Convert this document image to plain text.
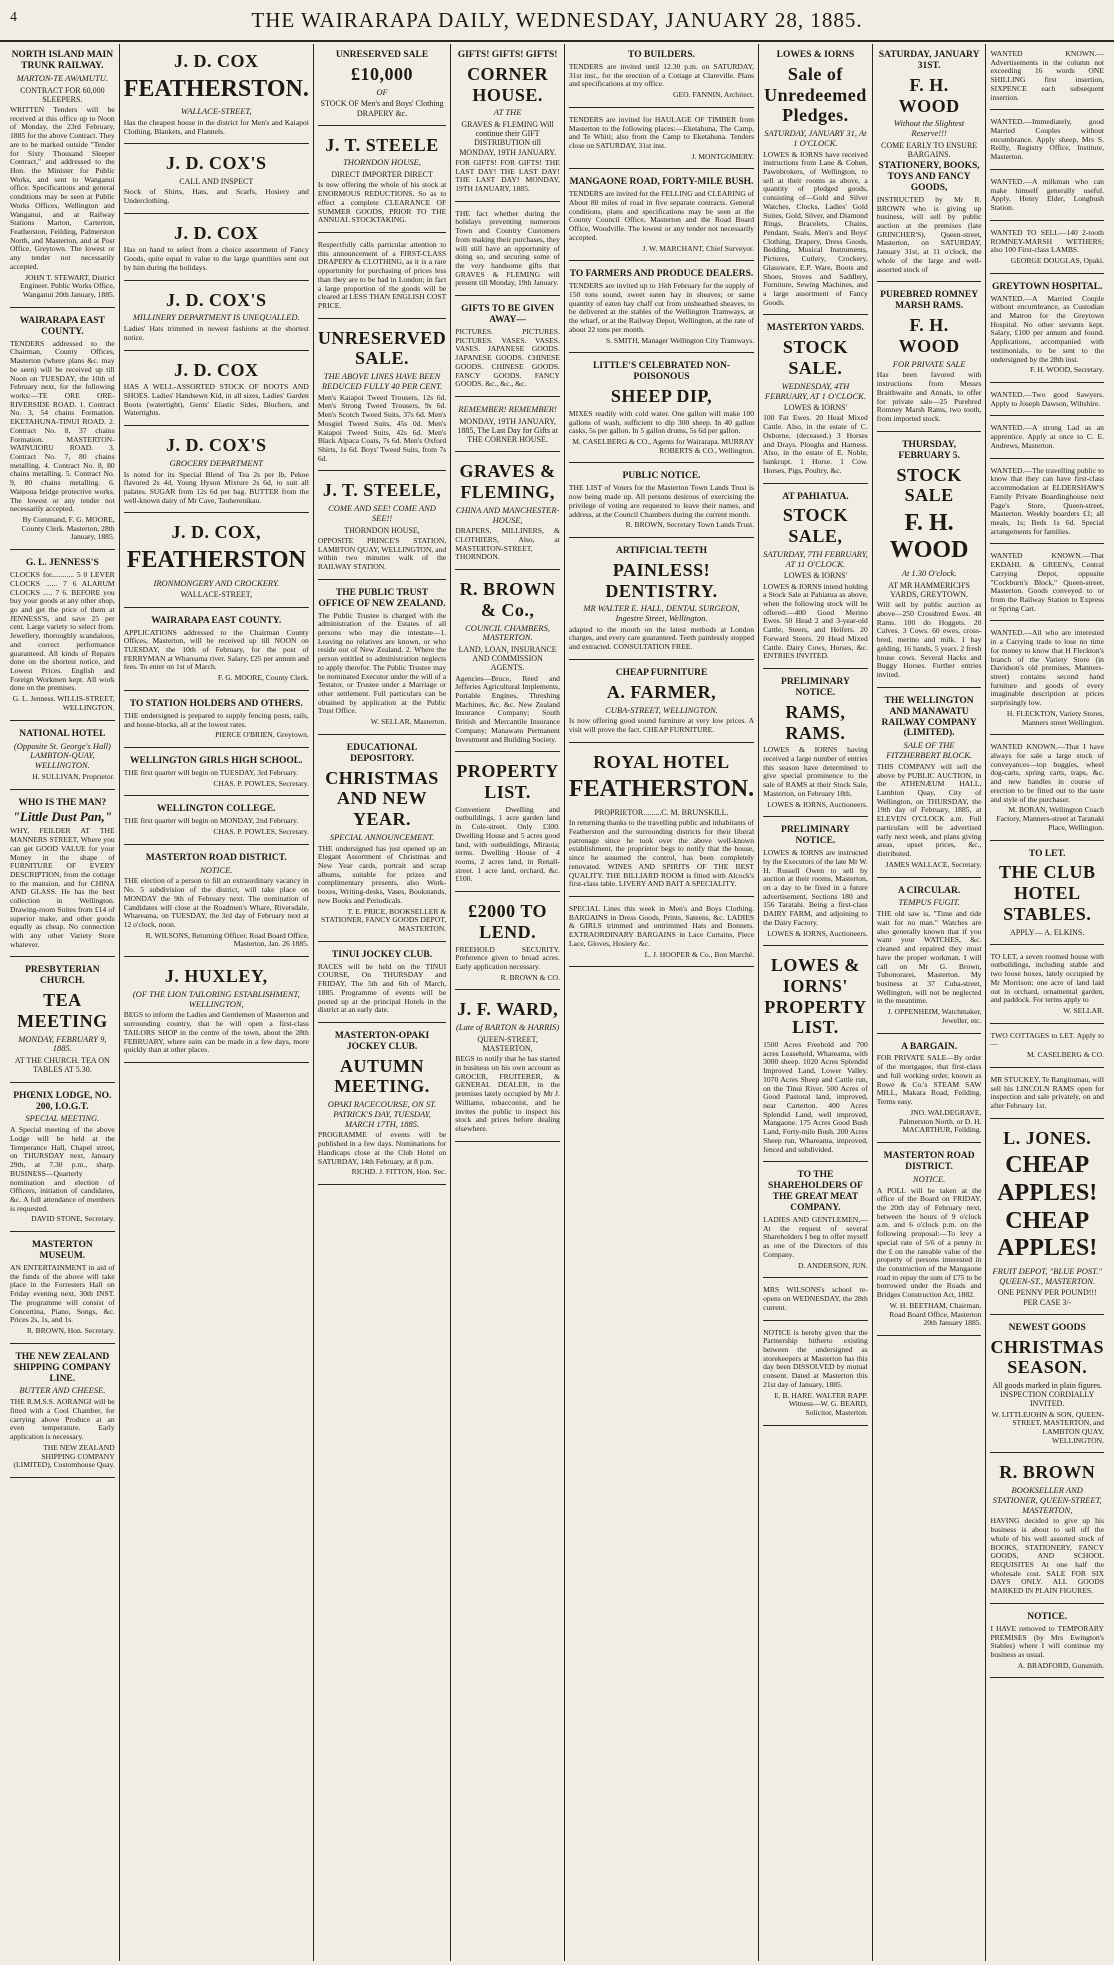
4	THE WAIRARAPA DAILY, WEDNESDAY, JANUARY 28, 1885.
NORTH ISLAND MAIN TRUNK RAILWAY.
MARTON-TE AWAMUTU.
CONTRACT FOR 60,000 SLEEPERS.

WRITTEN Tenders will be received at this office up to Noon of Monday, the 23rd February, 1885 for the above Contract. They are to be marked outside "Tender for Sixty Thousand Sleeper Contract," and addressed to the Hon. the Minister for Public Works, and sent to Wanganui office. Specifications and general conditions may be seen at Public Works Offices, Wellington and Wanganui, and at Railway Stations Marton, Carterton, Featherston, Feilding, Palmerston North, and Masterton, and at Post Office, Greytown. The lowest or any tender not necessarily accepted.

JOHN T. STEWART, District Engineer. Public Works Office, Wanganui 20th January, 1885.
WAIRARAPA EAST COUNTY.

TENDERS addressed to the Chairman, County Offices, Masterton (where plans &c. may be seen) will be received up till Noon on TUESDAY, the 10th of February next, for the following works:—TE ORE ORE-RIVERSIDE ROAD. 1. Contract No. 3, 54 chains Formation. EKETAHUNA-TINUI ROAD. 2. Contract No. 8, 37 chains Formation. MASTERTON-WAINUIORU ROAD. 3. Contract No. 7, 80 chains metalling. 4. Contract No. 8, 80 chains metalling. 5. Contract No. 9, 80 chains metalling. 6. Waipoua bridge protective works. The lowest or any tender not necessarily accepted.

By Command, F. G. MOORE, County Clerk. Masterton, 28th January, 1885.
G. L. JENNESS'S

CLOCKS for............ 5 0 LEVER CLOCKS ...... 7 6 ALARUM CLOCKS ..... 7 6. BEFORE you buy your goods at any other shop, go and get the price of them at JENNESS'S, and save 25 per cent. Large variety to select from. Jewellery, thoroughly scandalous, and correct performance guaranteed. All kinds of Repairs done on the shortest notice, and Lowest Prices. English and Foreign Workmen kept. All work done on the premises.

G. L. Jenness. WILLIS-STREET, WELLINGTON.
NATIONAL HOTEL
(Opposite St. George's Hall) LAMBTON-QUAY, WELLINGTON.
H. SULLIVAN, Proprietor.
WHO IS THE MAN?
"Little Dust Pan,"

WHY, FEILDER AT THE MANNERS STREET, Where you can get GOOD VALUE for your Money in the shape of FURNITURE OF EVERY DESCRIPTION, from the cottage to the mansion, and for CHINA AND GLASS. He has the best collection in Wellington. Drawing-room Suites from £14 of superior make, and other goods equally as cheap. No connection with any other Variety Store whatever.

PRESBYTERIAN CHURCH.
TEA MEETING
MONDAY, FEBRUARY 9, 1885.
AT THE CHURCH. TEA ON TABLES AT 5.30.
PHŒNIX LODGE, NO. 200, I.O.G.T.
SPECIAL MEETING.

A Special meeting of the above Lodge will be held at the Temperance Hall, Chapel street, on THURSDAY next, January 29th, at 7.30 p.m., sharp. BUSINESS—Quarterly nomination and election of Officers, initiation of candidates, &c. A full attendance of members is requested.

DAVID STONE, Secretary.
MASTERTON MUSEUM.

AN ENTERTAINMENT in aid of the funds of the above will take place in the Forresters Hall on Friday evening next, 30th INST. The programme will consist of Concertina, Piano, Songs, &c. Prices 2s, 1s, and 1s.

R. BROWN, Hon. Secretary.
THE NEW ZEALAND SHIPPING COMPANY LINE.
BUTTER AND CHEESE.

THE R.M.S.S. AORANGI will be fitted with a Cool Chamber, for carrying above Produce at an even temperature. Early application is necessary.

THE NEW ZEALAND SHIPPING COMPANY (LIMITED), Customhouse Quay.
J. D. COX
FEATHERSTON.
WALLACE-STREET,

Has the cheapest house in the district for Men's and Kaiapoi Clothing, Blankets, and Flannels.

J. D. COX'S
CALL AND INSPECT

Stock of Shirts, Hats, and Scarfs, Hosiery and Underclothing.

J. D. COX

Has on hand to select from a choice assortment of Fancy Goods, quite equal in value to the large quantities sent out by him during the holidays.

J. D. COX'S
MILLINERY DEPARTMENT IS UNEQUALLED.

Ladies' Hats trimmed in newest fashions at the shortest notice.

J. D. COX

HAS A WELL-ASSORTED STOCK OF BOOTS AND SHOES. Ladies' Handsewn Kid, in all sizes, Ladies' Garden Boots (watertight), Gents' Elastic Sides, Bluchers, and Watertights.

J. D. COX'S
GROCERY DEPARTMENT

Is noted for its Special Blend of Tea 2s per lb, Pekoe flavored 2s 4d, Young Hyson Mixture 2s 6d, to suit all palates. SUGAR from 12s 6d per bag. BUTTER from the well-known dairy of Mr Cave, Tauherenikau.

J. D. COX,
FEATHERSTON
IRONMONGERY AND CROCKERY.
WALLACE-STREET,
WAIRARAPA EAST COUNTY.

APPLICATIONS addressed to the Chairman County Offices, Masterton, will be received up till NOON on TUESDAY, the 10th of February, for the post of FERRYMAN at Whareama river. Salary, £25 per annum and fees. To enter on 1st of March.

F. G. MOORE, County Clerk.
TO STATION HOLDERS AND OTHERS.

THE undersigned is prepared to supply fencing posts, rails, and house-blocks, all at the lowest rates.

PIERCE O'BRIEN, Greytown.
WELLINGTON GIRLS HIGH SCHOOL.

THE first quarter will begin on TUESDAY, 3rd February.

CHAS. P. POWLES, Secretary.
WELLINGTON COLLEGE.

THE first quarter will begin on MONDAY, 2nd February.

CHAS. P. POWLES, Secretary.
MASTERTON ROAD DISTRICT.
NOTICE.

THE election of a person to fill an extraordinary vacancy in No. 5 subdivision of the district, will take place on MONDAY the 9th of February next. The nomination of Candidates will close at the Roadmen's Whare, Riversdale, Whareama, on TUESDAY, the 3rd day of February next at 12 o'clock, noon.

R. WILSONS, Returning Officer. Road Board Office, Masterton, Jan. 26 1885.
J. HUXLEY,
(OF THE LION TAILORING ESTABLISHMENT, WELLINGTON,

BEGS to inform the Ladies and Gentlemen of Masterton and surrounding country, that he will open a first-class TAILORS SHOP in the centre of the town, about the 28th FEBRUARY, where suits can be made in a few days, more quickly than at other places.

UNRESERVED SALE
£10,000
OF
STOCK OF Men's and Boys' Clothing DRAPERY &c.
J. T. STEELE
THORNDON HOUSE,
DIRECT IMPORTER DIRECT

Is now offering the whole of his stock at ENORMOUS REDUCTIONS, So as to effect a complete CLEARANCE OF SUMMER GOODS, PRIOR TO THE ANNUAL STOCKTAKING.

Respectfully calls particular attention to this announcement of a FIRST-CLASS DRAPERY & CLOTHING, as it is a rare opportunity for purchasing of prices less than they are to be had in London; in fact a large proportion of the goods will be cleared at LESS THAN ENGLISH COST PRICE.

UNRESERVED SALE.
THE ABOVE LINES HAVE BEEN REDUCED FULLY 40 PER CENT.

Men's Kaiapoi Tweed Trousers, 12s 6d. Men's Strong Tweed Trousers, 9s 6d. Men's Scotch Tweed Suits, 37s 6d. Men's Mosgiel Tweed Suits, 45s 0d. Men's Kaiapoi Tweed Suits, 42s 6d. Men's Black Alpaca Coats, 7s 6d. Men's Oxford Shirts, 1s 6d. Boys' Tweed Suits, from 7s 6d.

J. T. STEELE,
COME AND SEE! COME AND SEE!!
THORNDON HOUSE,

OPPOSITE PRINCE'S STATION, LAMBTON QUAY, WELLINGTON, and within two minutes walk of the RAILWAY STATION.

THE PUBLIC TRUST OFFICE OF NEW ZEALAND.

The Public Trustee is charged with the administration of the Estates of all persons who may die intestate—1. Leaving no relatives are known, or who reside out of New Zealand. 2. Where the person entitled to administration neglects to apply therefor. The Public Trustee may be nominated Executor under the will of a Testator, or Trustee under a Marriage or other settlement. Full particulars can be obtained by application at the Public Trust Office.

W. SELLAR, Masterton.
EDUCATIONAL DEPOSITORY.
CHRISTMAS AND NEW YEAR.
SPECIAL ANNOUNCEMENT.

THE undersigned has just opened up an Elegant Assortment of Christmas and New Year cards, portrait and scrap albums, suitable for prizes and complimentary presents, also Work-boxes, Writing-desks, Vases, Bookstands, new Books and Periodicals.

T. E. PRICE, BOOKSELLER & STATIONER, FANCY GOODS DEPOT, MASTERTON.
TINUI JOCKEY CLUB.

RACES will be held on the TINUI COURSE, On THURSDAY and FRIDAY, The 5th and 6th of March, 1885. Programme of events will be posted up at the principal Hotels in the district at an early date.

MASTERTON-OPAKI JOCKEY CLUB.
AUTUMN MEETING.
OPAKI RACECOURSE, ON ST. PATRICK'S DAY, TUESDAY, MARCH 17TH, 1885.

PROGRAMME of events will be published in a few days. Nominations for Handicaps close at the Club Hotel on SATURDAY, 14th February, at 8 p.m.

RICHD. J. FITTON, Hon. Sec.
GIFTS! GIFTS! GIFTS!
CORNER HOUSE.
AT THE
GRAVES & FLEMING Will continue their GIFT DISTRIBUTION till MONDAY, 19TH JANUARY.

FOR GIFTS! FOR GIFTS! THE LAST DAY! THE LAST DAY! THE LAST DAY! MONDAY, 19TH JANUARY, 1885.

THE fact whether during the holidays preventing numerous Town and Country Customers from making their purchases, they will still have an opportunity of doing so, and securing some of the very handsome gifts that GRAVES & FLEMING will present till Monday, 19th January.

GIFTS TO BE GIVEN AWAY—

PICTURES. PICTURES. PICTURES. VASES. VASES. VASES. JAPANESE GOODS. JAPANESE GOODS. CHINESE GOODS. CHINESE GOODS. FANCY GOODS. FANCY GOODS. &c., &c., &c.

REMEMBER! REMEMBER!
MONDAY, 19TH JANUARY, 1885, The Last Day for Gifts at THE CORNER HOUSE.
GRAVES & FLEMING,
CHINA AND MANCHESTER-HOUSE,

DRAPERS, MILLINERS, & CLOTHIERS, Also, at MASTERTON-STREET, THORNDON.

R. BROWN & Co.,
COUNCIL CHAMBERS, MASTERTON.
LAND, LOAN, INSURANCE AND COMMISSION AGENTS.

Agencies—Bruce, Reed and Jefferies Agricultural Implements, Portable Engines, Threshing Machines, &c. &c. New Zealand Insurance Company; South British and Mercantile Insurance Company; Manawatu Permanent Investment and Building Society.

PROPERTY LIST.

Convenient Dwelling and outbuildings, 1 acre garden land in Cole-street. Only £300. Dwelling House and 5 acres good land, with outbuildings, Miraoia; terms. Dwelling House of 4 rooms, 2 acres land, in Renall-street. 1 acre land, orchard, &c. £100.

£2000 TO LEND.

FREEHOLD SECURITY. Preference given to broad acres. Early application necessary.

R. BROWN & CO.
J. F. WARD,
(Late of BARTON & HARRIS)
QUEEN-STREET, MASTERTON,

BEGS to notify that he has started in business on his own account as GROCER, FRUITERER, & GENERAL DEALER, in the premises lately occupied by Mr J. Williams, tobacconist, and he invites the public to inspect his stock and prices before dealing elsewhere.

TO BUILDERS.

TENDERS are invited until 12.30 p.m. on SATURDAY, 31st inst., for the erection of a Cottage at Clareville. Plans and specifications at my office.

GEO. FANNIN, Architect.

TENDERS are invited for HAULAGE OF TIMBER from Masterton to the following places:—Eketahuna, The Camp, and Te Whiti; also from the Camp to Eketahuna. Tenders close on SATURDAY, 31st inst.

J. MONTGOMERY.
MANGAONE ROAD, FORTY-MILE BUSH.

TENDERS are invited for the FELLING and CLEARING of About 80 miles of road in five separate contracts. General conditions, plans and specifications may be seen at the County Council Office, Masterton and the Road Board Office, Woodville. The lowest or any tender not necessarily accepted.

J. W. MARCHANT, Chief Surveyor.
TO FARMERS AND PRODUCE DEALERS.

TENDERS are invited up to 16th February for the supply of 150 tons sound, sweet eaten hay in sheaves; or same quantity of eaten hay chaff cut from unsheathed sheaves, to be delivered at the stables of the Wellington Tramways, at the wharf, or at the Railway Depot, Wellington, at the rate of about 22 tons per month.

S. SMITH, Manager Wellington City Tramways.
LITTLE'S CELEBRATED NON-POISONOUS
SHEEP DIP,

MIXES readily with cold water. One gallon will make 100 gallons of wash, sufficient to dip 300 sheep. In 40 gallon casks, 5s per gallon. In 5 gallon drums, 5s 6d per gallon.

M. CASELBERG & CO., Agents for Wairarapa. MURRAY ROBERTS & CO., Wellington.
PUBLIC NOTICE.

THE LIST of Voters for the Masterton Town Lands Trust is now being made up. All persons desirous of exercising the privilege of voting are requested to leave their names, and address, at the Council Chambers during the current month.

R. BROWN, Secretary Town Lands Trust.
ARTIFICIAL TEETH
PAINLESS! DENTISTRY.
MR WALTER E. HALL, DENTAL SURGEON, Ingestre Street, Wellington.

adapted to the mouth on the latest methods at London charges, and every care guaranteed. Teeth painlessly stopped and extracted. CONSULTATION FREE.

CHEAP FURNITURE
A. FARMER,
CUBA-STREET, WELLINGTON.

Is now offering good sound furniture at very low prices. A visit will prove the fact. CHEAP FURNITURE.

ROYAL HOTEL
FEATHERSTON.
PROPRIETOR.........C. M. BRUNSKILL.

In returning thanks to the travelling public and inhabitants of Featherston and the surrounding districts for their liberal patronage since he took over the above well-known establishment, the proprietor begs to notify that the house, since he assumed the control, has been completely renovated. WINES AND SPIRITS OF THE BEST QUALITY. THE BILLIARD ROOM is fitted with Alcock's first-class table. LIVERY AND BAIT A SPECIALITY.

SPECIAL Lines this week in Men's and Boys Clothing. BARGAINS in Dress Goods, Prints, Sateens, &c. LADIES & GIRLS trimmed and untrimmed Hats and Bonnets. EXTRAORDINARY BARGAINS in Lace Curtains, Piece Lace, Gloves, Hosiery &c.

L. J. HOOPER & Co., Bon Marché.
LOWES & IORNS
Sale of Unredeemed Pledges.
SATURDAY, JANUARY 31, At 1 O'CLOCK.

LOWES & IORNS have received instructions from Lane & Cohen, Pawnbrokers, of Wellington, to sell at their rooms as above, a quantity of pledged goods, consisting of—Gold and Silver Watches, Clocks, Ladies' Gold Suites, Gold, Silver, and Diamond Rings, Bracelets, Chains, Pendant, Seals, Men's and Boys' Clothing, Drapery, Dress Goods, Bedding, Musical Instruments, Pictures, Cutlery, Crockery, Glassware, E.P. Ware, Boots and Shoes, Stoves and Saddlery, Furniture, Sewing Machines, and a large assortment of Fancy Goods.

MASTERTON YARDS.
STOCK SALE.
WEDNESDAY, 4TH FEBRUARY, AT 1 O'CLOCK.
LOWES & IORNS'

100 Fat Ewes. 20 Head Mixed Cattle. Also, in the estate of C. Osborne, (deceased.) 3 Horses and Drays. Ploughs and Harness. Also, in the estate of E. Noble, bankrupt. 1 Horse. 1 Cow. Horses, Pigs, Poultry, &c.

AT PAHIATUA.
STOCK SALE,
SATURDAY, 7TH FEBRUARY, AT 11 O'CLOCK.
LOWES & IORNS'

LOWES & IORNS intend holding a Stock Sale at Pahiatua as above, when the following stock will be offered:—400 Good Merino Ewes. 50 Head 2 and 3-year-old Cattle, Steers, and Heifers. 20 Forward Steers. 20 Head Mixed Cattle. Dairy Cows, Horses, &c. ENTRIES INVITED.

PRELIMINARY NOTICE.
RAMS, RAMS.

LOWES & IORNS having received a large number of entries this season have determined to give special prominence to the sale of RAMS at their Stock Sale, Masterton, on February 18th.

LOWES & IORNS, Auctioneers.
PRELIMINARY NOTICE.

LOWES & IORNS are instructed by the Executors of the late Mr W. H. Russell Owen to sell by auction at their rooms, Masterton, on a day to be fixed in a future advertisement, Sections 180 and 156 Taratahi. Being a first-class DAIRY FARM, and adjoining to the Dairy Factory.

LOWES & IORNS, Auctioneers.
LOWES & IORNS' PROPERTY LIST.

1500 Acres Freehold and 700 acres Leasehold, Whareama, with 3000 sheep. 1020 Acres Splendid Improved Land, Lower Valley. 1070 Acres Sheep and Cattle run, on the Tinui River. 500 Acres of Good Pastoral land, improved, near Carterton. 400 Acres Splendid Land, well improved, Mangaone. 175 Acres Good Bush Land, Forty-mile Bush. 200 Acres Sheep run, Whareama, improved, fenced and subdivided.

TO THE SHAREHOLDERS OF THE GREAT MEAT COMPANY.

LADIES AND GENTLEMEN,—At the request of several Shareholders I beg to offer myself as one of the Directors of this Company.

D. ANDERSON, JUN.

MRS WILSONS's school re-opens on WEDNESDAY, the 28th current.

NOTICE is hereby given that the Partnership hitherto existing between the undersigned as storekeepers at Masterton has this day been DISSOLVED by mutual consent. Dated at Masterton this 21st day of January, 1885.

E. B. HARE. WALTER RAPP. Witness—W. G. BEARD, Solicitor, Masterton.
SATURDAY, JANUARY 31ST.
F. H. WOOD
Without the Slightest Reserve!!!
COME EARLY TO ENSURE BARGAINS.
STATIONERY, BOOKS, TOYS AND FANCY GOODS,

INSTRUCTED by Mr R. BROWN who is giving up business, will sell by public auction at the premises (late GRINCHER'S), Queen-street, Masterton, on SATURDAY, January 31st, at 11 o'clock, the whole of the large and well-assorted stock of

PUREBRED ROMNEY MARSH RAMS.
F. H. WOOD
FOR PRIVATE SALE

Has been favored with instructions from Messrs Braithwaite and Annals, to offer for private sale—25 Purebred Romney Marsh Rams, two tooth, from imported stock.

THURSDAY, FEBRUARY 5.
STOCK SALE
F. H. WOOD
At 1.30 O'clock.
AT MR HAMMERICH'S YARDS, GREYTOWN.

Will sell by public auction as above—250 Crossbred Ewes. 48 Rams. 100 do Hoggets. 20 Calves. 3 Cows. 60 ewes, cross-bred, merino and milk. 1 bay gelding, 16 hands, 5 years. 2 fresh house cows. Several Hacks and Buggy Horses. Further entries invited.

THE WELLINGTON AND MANAWATU RAILWAY COMPANY (LIMITED).
SALE OF THE FITZHERBERT BLOCK.

THIS COMPANY will sell the above by PUBLIC AUCTION, in the ATHENÆUM HALL, Lambton Quay, City of Wellington, on THURSDAY, the 19th day of February, 1885, at ELEVEN O'CLOCK a.m. Full particulars will be advertised early next week, and plans giving areas, upset prices, &c., distributed.

JAMES WALLACE, Secretary.
A CIRCULAR.
TEMPUS FUGIT.

THE old saw is, "Time and tide wait for no man." Watches are also generally known that if you want your WATCHES, &c. cleaned and repaired they must have the proper workman. I will call on Mr G. Brown, Tuhonorarei, Masterton. My business at 37 Cuba-street, Wellington, will not be neglected in the meantime.

J. OPPENHEIM, Watchmaker, Jeweller, etc.
A BARGAIN.

FOR PRIVATE SALE—By order of the mortgagee, that first-class and full working order, known as Rowe & Co.'s STEAM SAW MILL, Makara Road, Feilding. Terms easy.

JNO. WALDEGRAVE, Palmerston North. or D. H. MACARTHUR, Feilding.
MASTERTON ROAD DISTRICT.
NOTICE.

A POLL will be taken at the office of the Board on FRIDAY, the 20th day of February next, between the hours of 9 o'clock a.m. and 6 o'clock p.m. on the following proposal:—To levy a special rate of 5/6 of a penny in the £ on the rateable value of the property of persons interested in the construction of the Mangaone road to repay the sum of £75 to be borrowed under the Roads and Bridges Construction Act, 1882.

W. H. BEETHAM, Chairman. Road Board Office, Masterton 20th January 1885.

WANTED KNOWN.—Advertisements in the column not exceeding 16 words ONE SHILLING first insertion, SIXPENCE each subsequent insertion.

WANTED.—Immediately, good Married Couples without encumbrance. Apply sheep, Mrs S. Reilly, Registry Office, Institute, Masterton.

WANTED.—A milkman who can make himself generally useful. Apply, Henry Elder, Longbush Station.

WANTED TO SELL—140 2-tooth ROMNEY-MARSH WETHERS; also 100 First-class LAMBS.

GEORGE DOUGLAS, Opaki.
GREYTOWN HOSPITAL.

WANTED.—A Married Couple without encumbrance, as Custodian and Matron for the Greytown Hospital. No other servants kept. Salary, £100 per annum and found. Applications, accompanied with testimonials, to be sent to the undersigned by the 28th inst.

F. H. WOOD, Secretary.

WANTED.—Two good Sawyers. Apply to Joseph Dawson, Wiltshire.

WANTED.—A strong Lad as an apprentice. Apply at once to C. E. Andrews, Masterton.

WANTED.—The travelling public to know that they can have first-class accommodation at ELDERSHAW'S Family Private Boardinghouse next Page's Store, Queen-street, Masterton. Weekly boarders £1; all meals, 1s; Beds 1s 6d. Special arrangements for families.

WANTED KNOWN.—That EKDAHL & GREEN's, Central Carrying Depot, opposite "Cockburn's Block," Queen-street, Masterton. Goods conveyed to or from the Railway Station to Express or Spring Cart.

WANTED.—All who are interested in a Carrying trade to lose no time for money to know that H Fleckton's branch of the Variety Store (in Davidson's old premises, Manners-street) contains second hand furniture and goods of every imaginable description at prices surprisingly low.

H. FLECKTON, Variety Stores, Manners street Wellington.

WANTED KNOWN.—That I have always for sale a large stock of conveyances—top buggies, wheel dog-carts, spring carts, traps, &c. and new handles in course of erection to be fitted out to the taste and style of the purchaser.

M. BORAN, Wellington Coach Factory, Manners-street at Taranaki Place, Wellington.
TO LET.
THE CLUB HOTEL STABLES.
APPLY— A. ELKINS.

TO LET, a seven roomed house with outbuildings, including stable and two loose boxes, lately occupied by Mr Morrison; one acre of land laid out in orchard, ornamental garden, and paddock. For terms apply to

W. SELLAR.

TWO COTTAGES to LET. Apply to—

M. CASELBERG & CO.

MR STUCKEY, Te Rangitumau, will sell his LINCOLN RAMS open for inspection and sale privately, on and after February 1st.

L. JONES.
CHEAP APPLES! CHEAP APPLES!
FRUIT DEPOT, "BLUE POST." QUEEN-ST., MASTERTON.
ONE PENNY PER POUND!!! PER CASE 3/-
NEWEST GOODS
CHRISTMAS SEASON.
All goods marked in plain figures. INSPECTION CORDIALLY INVITED.
W. LITTLEJOHN & SON, QUEEN-STREET, MASTERTON, and LAMBTON QUAY, WELLINGTON.
R. BROWN
BOOKSELLER AND STATIONER, QUEEN-STREET, MASTERTON,

HAVING decided to give up his business is about to sell off the whole of his well assorted stock of BOOKS, STATIONERY, FANCY GOODS, AND SCHOOL REQUISITES At one half the wholesale cost. SALE FOR SIX DAYS ONLY. ALL GOODS MARKED IN PLAIN FIGURES.

NOTICE.

I HAVE removed to TEMPORARY PREMISES (by Mrs Ewington's Stables) where I will continue my business as usual.

A. BRADFORD, Gunsmith.
